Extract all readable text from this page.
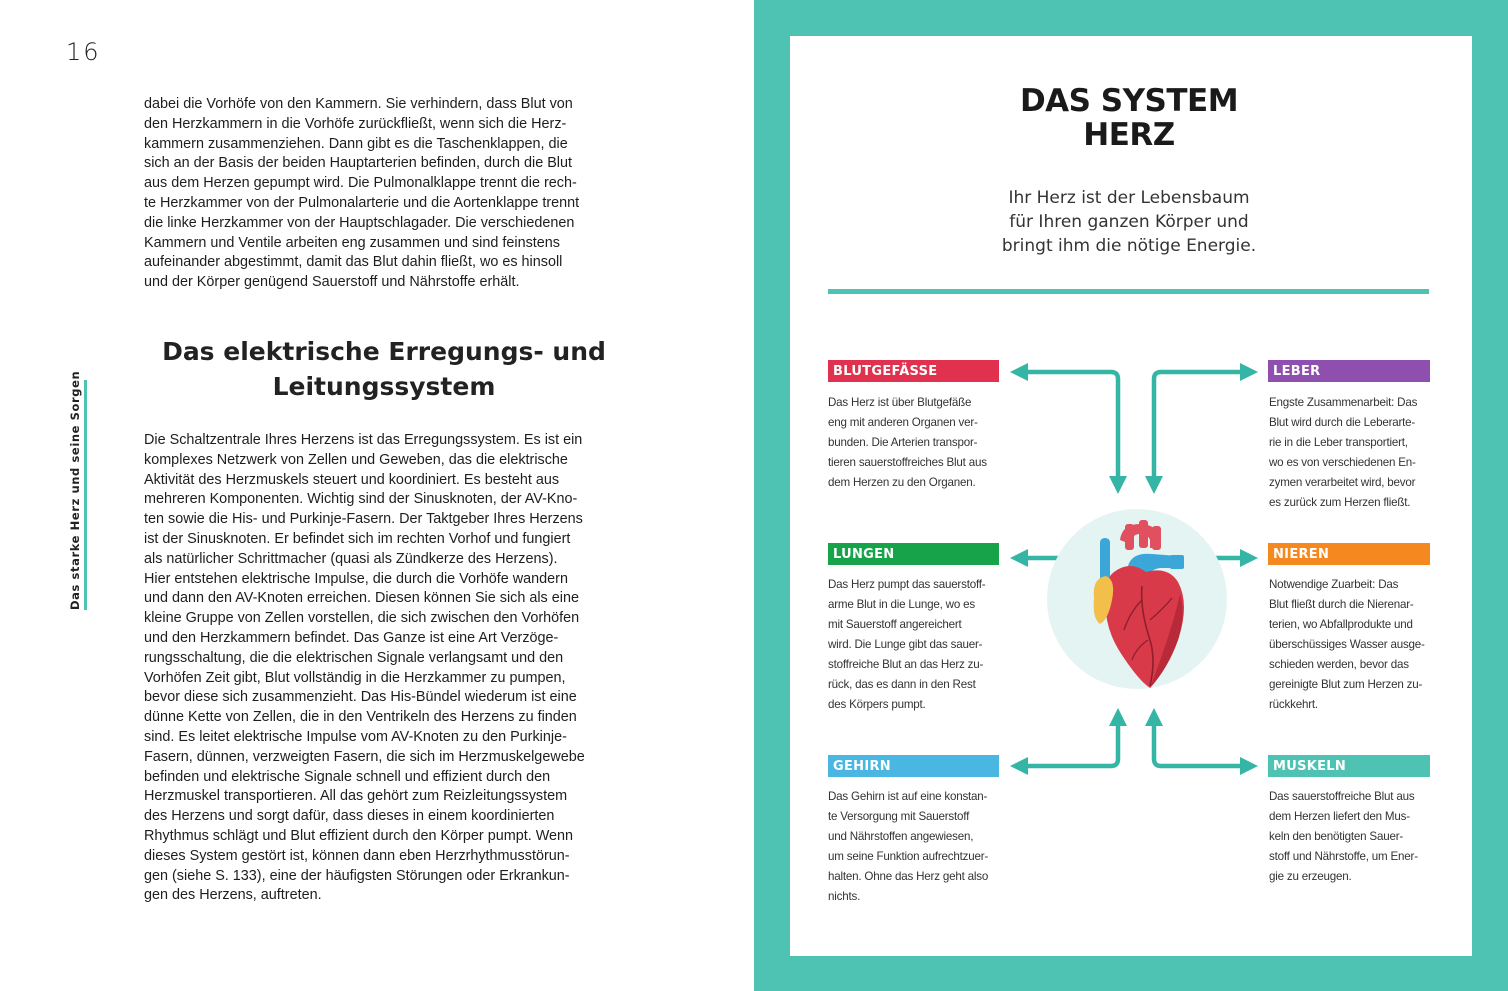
16
Das starke Herz und seine Sorgen

dabei die Vorhöfe von den Kammern. Sie verhindern, dass Blut von

den Herzkammern in die Vorhöfe zurückfließt, wenn sich die Herz-

kammern zusammenziehen. Dann gibt es die Taschenklappen, die

sich an der Basis der beiden Hauptarterien befinden, durch die Blut

aus dem Herzen gepumpt wird. Die Pulmonalklappe trennt die rech-

te Herzkammer von der Pulmonalarterie und die Aortenklappe trennt

die linke Herzkammer von der Hauptschlagader. Die verschiedenen

Kammern und Ventile arbeiten eng zusammen und sind feinstens

aufeinander abgestimmt, damit das Blut dahin fließt, wo es hinsoll

und der Körper genügend Sauerstoff und Nährstoffe erhält.

Das elektrische Erregungs- und
Leitungssystem

Die Schaltzentrale Ihres Herzens ist das Erregungssystem. Es ist ein

komplexes Netzwerk von Zellen und Geweben, das die elektrische

Aktivität des Herzmuskels steuert und koordiniert. Es besteht aus

mehreren Komponenten. Wichtig sind der Sinusknoten, der AV-Kno-

ten sowie die His- und Purkinje-Fasern. Der Taktgeber Ihres Herzens

ist der Sinusknoten. Er befindet sich im rechten Vorhof und fungiert

als natürlicher Schrittmacher (quasi als Zündkerze des Herzens).

Hier entstehen elektrische Impulse, die durch die Vorhöfe wandern

und dann den AV-Knoten erreichen. Diesen können Sie sich als eine

kleine Gruppe von Zellen vorstellen, die sich zwischen den Vorhöfen

und den Herzkammern befindet. Das Ganze ist eine Art Verzöge-

rungsschaltung, die die elektrischen Signale verlangsamt und den

Vorhöfen Zeit gibt, Blut vollständig in die Herzkammer zu pumpen,

bevor diese sich zusammenzieht. Das His-Bündel wiederum ist eine

dünne Kette von Zellen, die in den Ventrikeln des Herzens zu finden

sind. Es leitet elektrische Impulse vom AV-Knoten zu den Purkinje-

Fasern, dünnen, verzweigten Fasern, die sich im Herzmuskelgewebe

befinden und elektrische Signale schnell und effizient durch den

Herzmuskel transportieren. All das gehört zum Reizleitungssystem

des Herzens und sorgt dafür, dass dieses in einem koordinierten

Rhythmus schlägt und Blut effizient durch den Körper pumpt. Wenn

dieses System gestört ist, können dann eben Herzrhythmusstörun-

gen (siehe S. 133), eine der häufigsten Störungen oder Erkrankun-

gen des Herzens, auftreten.

DAS SYSTEM
HERZ
Ihr Herz ist der Lebensbaum
für Ihren ganzen Körper und
bringt ihm die nötige Energie.
BLUTGEFÄSSE
Das Herz ist über Blutgefäße
eng mit anderen Organen ver-
bunden. Die Arterien transpor-
tieren sauerstoffreiches Blut aus
dem Herzen zu den Organen.
LEBER
Engste Zusammenarbeit: Das
Blut wird durch die Leberarte-
rie in die Leber transportiert,
wo es von verschiedenen En-
zymen verarbeitet wird, bevor
es zurück zum Herzen fließt.
LUNGEN
Das Herz pumpt das sauerstoff-
arme Blut in die Lunge, wo es
mit Sauerstoff angereichert
wird. Die Lunge gibt das sauer-
stoffreiche Blut an das Herz zu-
rück, das es dann in den Rest
des Körpers pumpt.
NIEREN
Notwendige Zuarbeit: Das
Blut fließt durch die Nierenar-
terien, wo Abfallprodukte und
überschüssiges Wasser ausge-
schieden werden, bevor das
gereinigte Blut zum Herzen zu-
rückkehrt.
GEHIRN
Das Gehirn ist auf eine konstan-
te Versorgung mit Sauerstoff
und Nährstoffen angewiesen,
um seine Funktion aufrechtzuer-
halten. Ohne das Herz geht also
nichts.
MUSKELN
Das sauerstoffreiche Blut aus
dem Herzen liefert den Mus-
keln den benötigten Sauer-
stoff und Nährstoffe, um Ener-
gie zu erzeugen.
